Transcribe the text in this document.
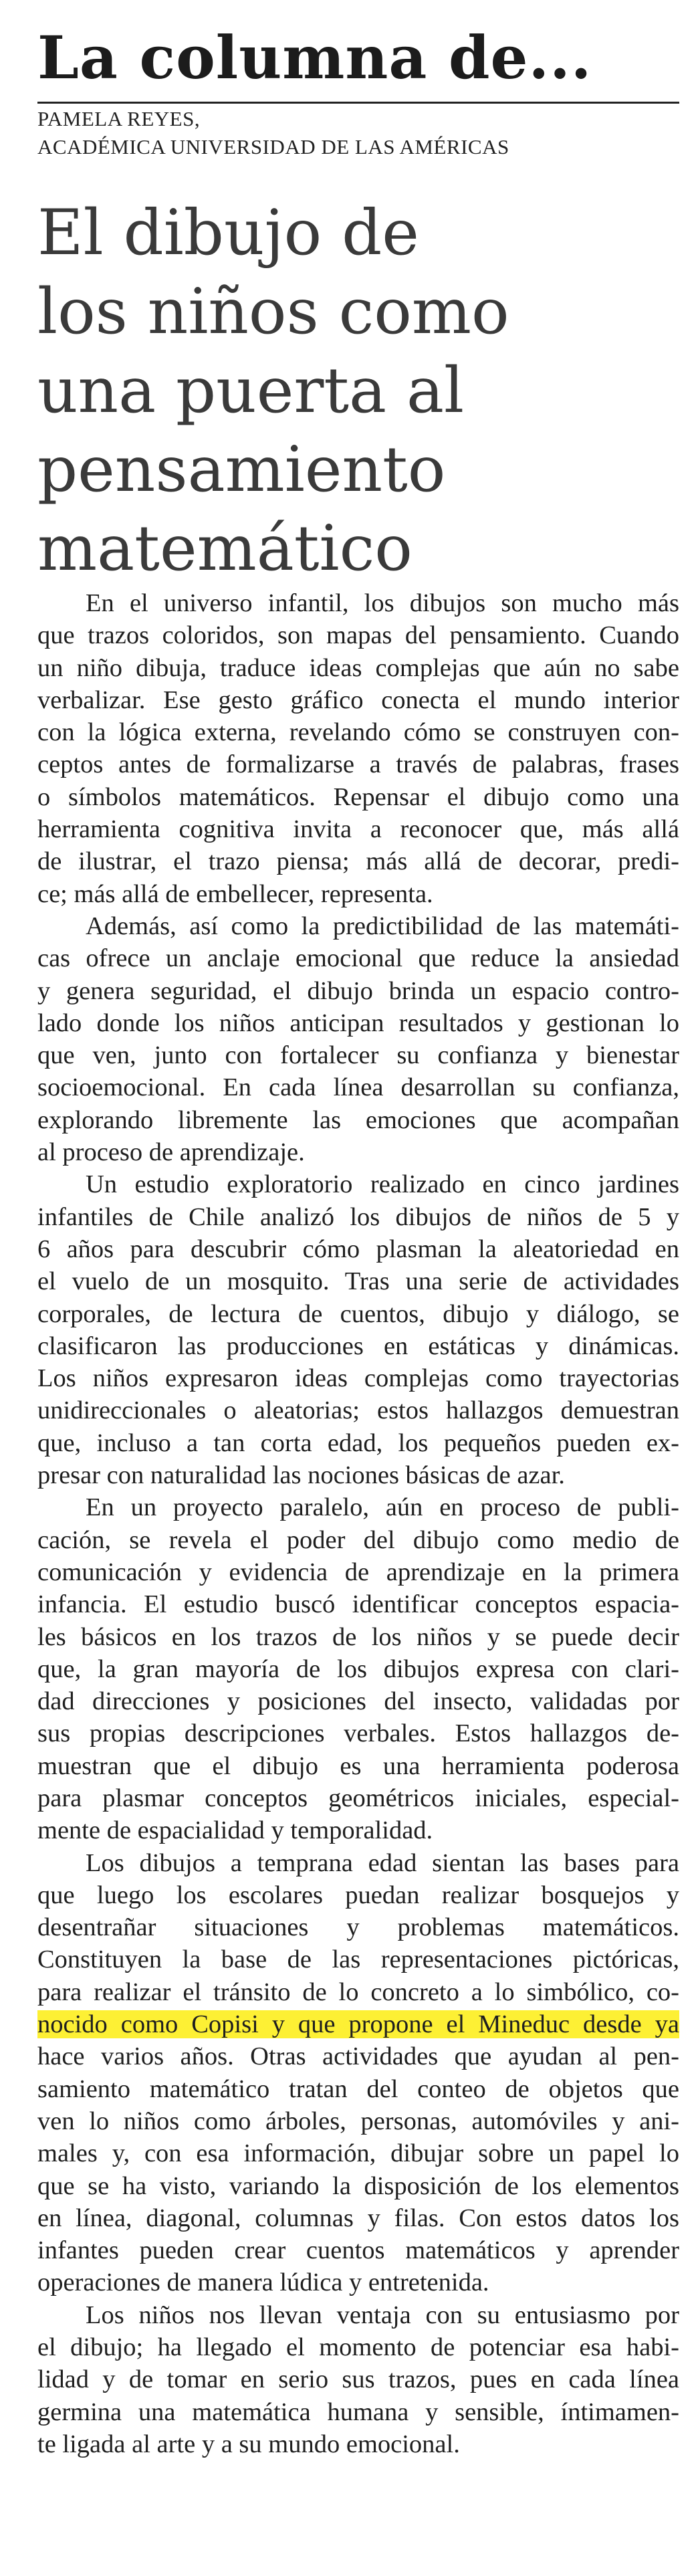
La columna de...
PAMELA REYES,
ACADÉMICA UNIVERSIDAD DE LAS AMÉRICAS
El dibujo de
los niños como
una puerta al
pensamiento
matemático
En el universo infantil, los dibujos son mucho más
que trazos coloridos, son mapas del pensamiento. Cuando
un niño dibuja, traduce ideas complejas que aún no sabe
verbalizar. Ese gesto gráfico conecta el mundo interior
con la lógica externa, revelando cómo se construyen con-
ceptos antes de formalizarse a través de palabras, frases
o símbolos matemáticos. Repensar el dibujo como una
herramienta cognitiva invita a reconocer que, más allá
de ilustrar, el trazo piensa; más allá de decorar, predi-
ce; más allá de embellecer, representa.
Además, así como la predictibilidad de las matemáti-
cas ofrece un anclaje emocional que reduce la ansiedad
y genera seguridad, el dibujo brinda un espacio contro-
lado donde los niños anticipan resultados y gestionan lo
que ven, junto con fortalecer su confianza y bienestar
socioemocional. En cada línea desarrollan su confianza,
explorando libremente las emociones que acompañan
al proceso de aprendizaje.
Un estudio exploratorio realizado en cinco jardines
infantiles de Chile analizó los dibujos de niños de 5 y
6 años para descubrir cómo plasman la aleatoriedad en
el vuelo de un mosquito. Tras una serie de actividades
corporales, de lectura de cuentos, dibujo y diálogo, se
clasificaron las producciones en estáticas y dinámicas.
Los niños expresaron ideas complejas como trayectorias
unidireccionales o aleatorias; estos hallazgos demuestran
que, incluso a tan corta edad, los pequeños pueden ex-
presar con naturalidad las nociones básicas de azar.
En un proyecto paralelo, aún en proceso de publi-
cación, se revela el poder del dibujo como medio de
comunicación y evidencia de aprendizaje en la primera
infancia. El estudio buscó identificar conceptos espacia-
les básicos en los trazos de los niños y se puede decir
que, la gran mayoría de los dibujos expresa con clari-
dad direcciones y posiciones del insecto, validadas por
sus propias descripciones verbales. Estos hallazgos de-
muestran que el dibujo es una herramienta poderosa
para plasmar conceptos geométricos iniciales, especial-
mente de espacialidad y temporalidad.
Los dibujos a temprana edad sientan las bases para
que luego los escolares puedan realizar bosquejos y
desentrañar situaciones y problemas matemáticos.
Constituyen la base de las representaciones pictóricas,
para realizar el tránsito de lo concreto a lo simbólico, co-
nocido como Copisi y que propone el Mineduc desde ya
hace varios años. Otras actividades que ayudan al pen-
samiento matemático tratan del conteo de objetos que
ven lo niños como árboles, personas, automóviles y ani-
males y, con esa información, dibujar sobre un papel lo
que se ha visto, variando la disposición de los elementos
en línea, diagonal, columnas y filas. Con estos datos los
infantes pueden crear cuentos matemáticos y aprender
operaciones de manera lúdica y entretenida.
Los niños nos llevan ventaja con su entusiasmo por
el dibujo; ha llegado el momento de potenciar esa habi-
lidad y de tomar en serio sus trazos, pues en cada línea
germina una matemática humana y sensible, íntimamen-
te ligada al arte y a su mundo emocional.
